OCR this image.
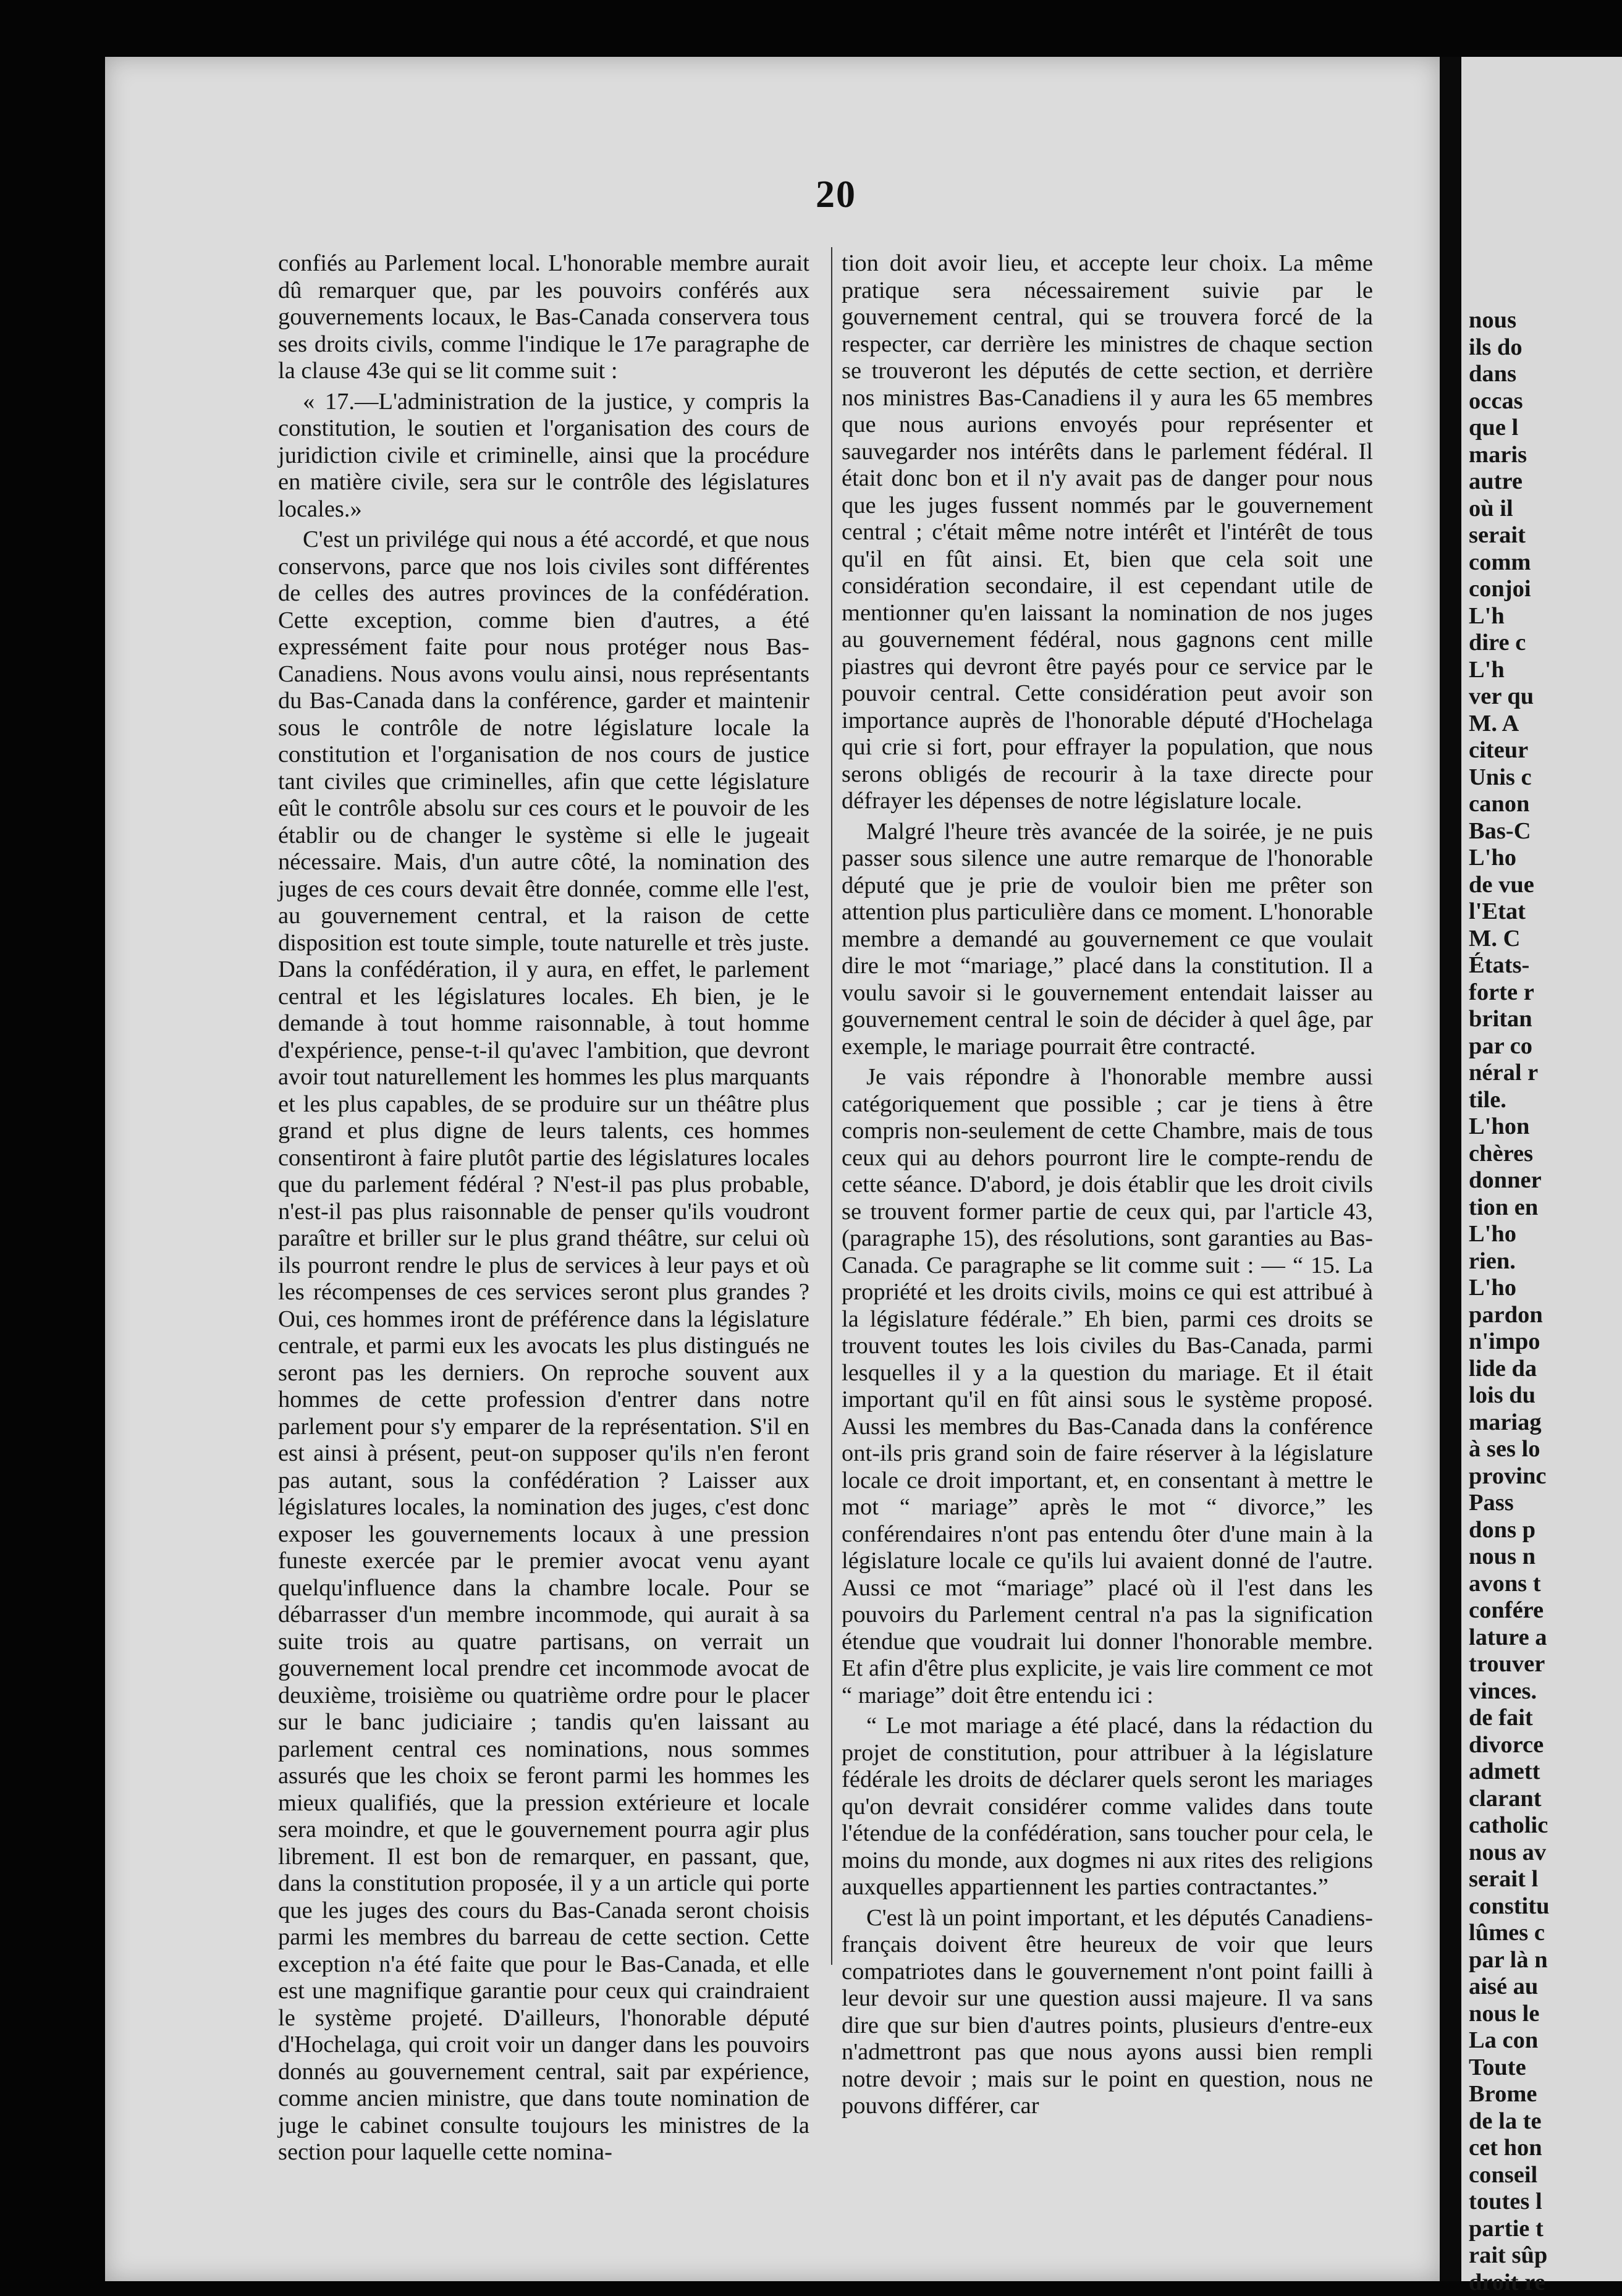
nous
ils do
dans
occas
que l
maris
autre
où il
serait
comm
conjoi
L'h
dire c
L'h
ver qu
M. A
citeur
Unis c
canon
Bas-C
L'ho
de vue
l'Etat
M. C
États-
forte r
britan
par co
néral r
tile.
L'hon
chères
donner
tion en
L'ho
rien.
L'ho
pardon
n'impo
lide da
lois du
mariag
à ses lo
provinc
Pass
dons p
nous n
avons t
confére
lature a
trouver
vinces.
de fait
divorce
admett
clarant
catholic
nous av
serait l
constitu
lûmes c
par là n
aisé au
nous le
La con
Toute
Brome
de la te
cet hon
conseil
toutes l
partie t
rait sûp
droit re
20

confiés au Parlement local. L'honorable membre aurait dû remarquer que, par les pouvoirs conférés aux gouvernements locaux, le Bas-Canada conservera tous ses droits civils, comme l'indique le 17e paragraphe de la clause 43e qui se lit comme suit :

« 17.—L'administration de la justice, y compris la constitution, le soutien et l'organisation des cours de juridiction civile et criminelle, ainsi que la procédure en matière civile, sera sur le contrôle des législatures locales.»

C'est un privilége qui nous a été accordé, et que nous conservons, parce que nos lois civiles sont différentes de celles des autres provinces de la confédération. Cette exception, comme bien d'autres, a été expressément faite pour nous protéger nous Bas-Canadiens. Nous avons voulu ainsi, nous représentants du Bas-Canada dans la conférence, garder et maintenir sous le contrôle de notre législature locale la constitution et l'organisation de nos cours de justice tant civiles que criminelles, afin que cette législature eût le contrôle absolu sur ces cours et le pouvoir de les établir ou de changer le système si elle le jugeait nécessaire. Mais, d'un autre côté, la nomination des juges de ces cours devait être donnée, comme elle l'est, au gouvernement central, et la raison de cette disposition est toute simple, toute naturelle et très juste. Dans la confédération, il y aura, en effet, le parlement central et les législatures locales. Eh bien, je le demande à tout homme raisonnable, à tout homme d'expérience, pense-t-il qu'avec l'ambition, que devront avoir tout naturellement les hommes les plus marquants et les plus capables, de se produire sur un théâtre plus grand et plus digne de leurs talents, ces hommes consentiront à faire plutôt partie des législatures locales que du parlement fédéral ? N'est-il pas plus probable, n'est-il pas plus raisonnable de penser qu'ils voudront paraître et briller sur le plus grand théâtre, sur celui où ils pourront rendre le plus de services à leur pays et où les récompenses de ces services seront plus grandes ? Oui, ces hommes iront de préférence dans la législature centrale, et parmi eux les avocats les plus distingués ne seront pas les derniers. On reproche souvent aux hommes de cette profession d'entrer dans notre parlement pour s'y emparer de la représentation. S'il en est ainsi à présent, peut-on supposer qu'ils n'en feront pas autant, sous la confédération ? Laisser aux législatures locales, la nomination des juges, c'est donc exposer les gouvernements locaux à une pression funeste exercée par le premier avocat venu ayant quelqu'influence dans la chambre locale. Pour se débarrasser d'un membre incommode, qui aurait à sa suite trois au quatre partisans, on verrait un gouvernement local prendre cet incommode avocat de deuxième, troisième ou quatrième ordre pour le placer sur le banc judiciaire ; tandis qu'en laissant au parlement central ces nominations, nous sommes assurés que les choix se feront parmi les hommes les mieux qualifiés, que la pression extérieure et locale sera moindre, et que le gouvernement pourra agir plus librement. Il est bon de remarquer, en passant, que, dans la constitution proposée, il y a un article qui porte que les juges des cours du Bas-Canada seront choisis parmi les membres du barreau de cette section. Cette exception n'a été faite que pour le Bas-Canada, et elle est une magnifique garantie pour ceux qui craindraient le système projeté. D'ailleurs, l'honorable député d'Hochelaga, qui croit voir un danger dans les pouvoirs donnés au gouvernement central, sait par expérience, comme ancien ministre, que dans toute nomination de juge le cabinet consulte toujours les ministres de la section pour laquelle cette nomina-

tion doit avoir lieu, et accepte leur choix. La même pratique sera nécessairement suivie par le gouvernement central, qui se trouvera forcé de la respecter, car derrière les ministres de chaque section se trouveront les députés de cette section, et derrière nos ministres Bas-Canadiens il y aura les 65 membres que nous aurions envoyés pour représenter et sauvegarder nos intérêts dans le parlement fédéral. Il était donc bon et il n'y avait pas de danger pour nous que les juges fussent nommés par le gouvernement central ; c'était même notre intérêt et l'intérêt de tous qu'il en fût ainsi. Et, bien que cela soit une considération secondaire, il est cependant utile de mentionner qu'en laissant la nomination de nos juges au gouvernement fédéral, nous gagnons cent mille piastres qui devront être payés pour ce service par le pouvoir central. Cette considération peut avoir son importance auprès de l'honorable député d'Hochelaga qui crie si fort, pour effrayer la population, que nous serons obligés de recourir à la taxe directe pour défrayer les dépenses de notre législature locale.

Malgré l'heure très avancée de la soirée, je ne puis passer sous silence une autre remarque de l'honorable député que je prie de vouloir bien me prêter son attention plus particulière dans ce moment. L'honorable membre a demandé au gouvernement ce que voulait dire le mot “mariage,” placé dans la constitution. Il a voulu savoir si le gouvernement entendait laisser au gouvernement central le soin de décider à quel âge, par exemple, le mariage pourrait être contracté.

Je vais répondre à l'honorable membre aussi catégoriquement que possible ; car je tiens à être compris non-seulement de cette Chambre, mais de tous ceux qui au dehors pourront lire le compte-rendu de cette séance. D'abord, je dois établir que les droit civils se trouvent former partie de ceux qui, par l'article 43, (paragraphe 15), des résolutions, sont garanties au Bas-Canada. Ce paragraphe se lit comme suit : — “ 15. La propriété et les droits civils, moins ce qui est attribué à la législature fédérale.” Eh bien, parmi ces droits se trouvent toutes les lois civiles du Bas-Canada, parmi lesquelles il y a la question du mariage. Et il était important qu'il en fût ainsi sous le système proposé. Aussi les membres du Bas-Canada dans la conférence ont-ils pris grand soin de faire réserver à la législature locale ce droit important, et, en consentant à mettre le mot “ mariage” après le mot “ divorce,” les conférendaires n'ont pas entendu ôter d'une main à la législature locale ce qu'ils lui avaient donné de l'autre. Aussi ce mot “mariage” placé où il l'est dans les pouvoirs du Parlement central n'a pas la signification étendue que voudrait lui donner l'honorable membre. Et afin d'être plus explicite, je vais lire comment ce mot “ mariage” doit être entendu ici :

“ Le mot mariage a été placé, dans la rédaction du projet de constitution, pour attribuer à la législature fédérale les droits de déclarer quels seront les mariages qu'on devrait considérer comme valides dans toute l'étendue de la confédération, sans toucher pour cela, le moins du monde, aux dogmes ni aux rites des religions auxquelles appartiennent les parties contractantes.”

C'est là un point important, et les députés Canadiens-français doivent être heureux de voir que leurs compatriotes dans le gouvernement n'ont point failli à leur devoir sur une question aussi majeure. Il va sans dire que sur bien d'autres points, plusieurs d'entre-eux n'admettront pas que nous ayons aussi bien rempli notre devoir ; mais sur le point en question, nous ne pouvons différer, car
